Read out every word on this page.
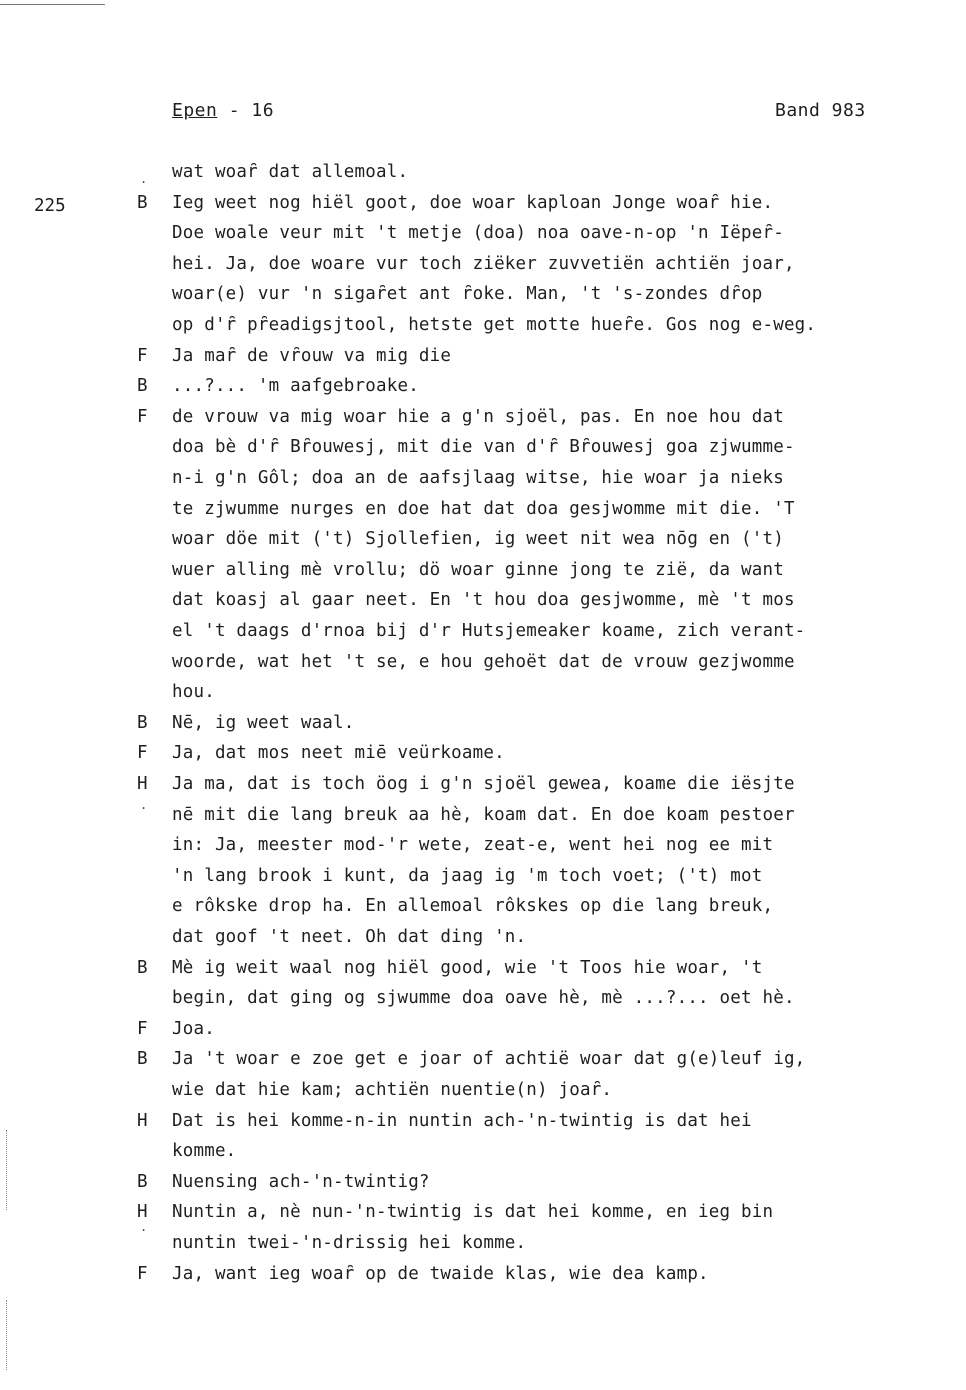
Epen - 16	Band 983
225
.
.
.
wat woaȓ dat allemoal.
B Ieg weet nog hiël goot, doe woar kaploan Jonge woaȓ hie.
Doe woale veur mit 't metje (doa) noa oave-n-op 'n Iëpeȓ-
hei. Ja, doe woare vur toch ziëker zuvvetiën achtiën joar,
woar(e) vur 'n sigaȓet ant ȓoke. Man, 't 's-zondes dȓop
op d'ȓ pȓeadigsjtool, hetste get motte hueȓe. Gos nog e-weg.
F Ja maȓ de vȓouw va mig die
B ...?... 'm aafgebroake.
F de vrouw va mig woar hie a g'n sjoël, pas. En noe hou dat
doa bè d'ȓ Bȓouwesj, mit die van d'ȓ Bȓouwesj goa zjwumme-
n-i g'n Gôl; doa an de aafsjlaag witse, hie woar ja nieks
te zjwumme nurges en doe hat dat doa gesjwomme mit die. 'T
woar döe mit ('t) Sjollefien, ig weet nit wea nōg en ('t)
wuer alling mè vrollu; dö woar ginne jong te zië, da want
dat koasj al gaar neet. En 't hou doa gesjwomme, mè 't mos
el 't daags d'rnoa bij d'r Hutsjemeaker koame, zich verant-
woorde, wat het 't se, e hou gehoët dat de vrouw gezjwomme
hou.
B Nē, ig weet waal.
F Ja, dat mos neet miē veürkoame.
H Ja ma, dat is toch öog i g'n sjoël gewea, koame die iësjte
nē mit die lang breuk aa hè, koam dat. En doe koam pestoer
in: Ja, meester mod-'r wete, zeat-e, went hei nog ee mit
'n lang brook i kunt, da jaag ig 'm toch voet; ('t) mot
e rôkske drop ha. En allemoal rôkskes op die lang breuk,
dat goof 't neet. Oh dat ding 'n.
B Mè ig weit waal nog hiël good, wie 't Toos hie woar, 't
begin, dat ging og sjwumme doa oave hè, mè ...?... oet hè.
F Joa.
B Ja 't woar e zoe get e joar of achtië woar dat g(e)leuf ig,
wie dat hie kam; achtiën nuentie(n) joaȓ.
H Dat is hei komme-n-in nuntin ach-'n-twintig is dat hei
komme.
B Nuensing ach-'n-twintig?
H Nuntin a, nè nun-'n-twintig is dat hei komme, en ieg bin
nuntin twei-'n-drissig hei komme.
F Ja, want ieg woaȓ op de twaide klas, wie dea kamp.
